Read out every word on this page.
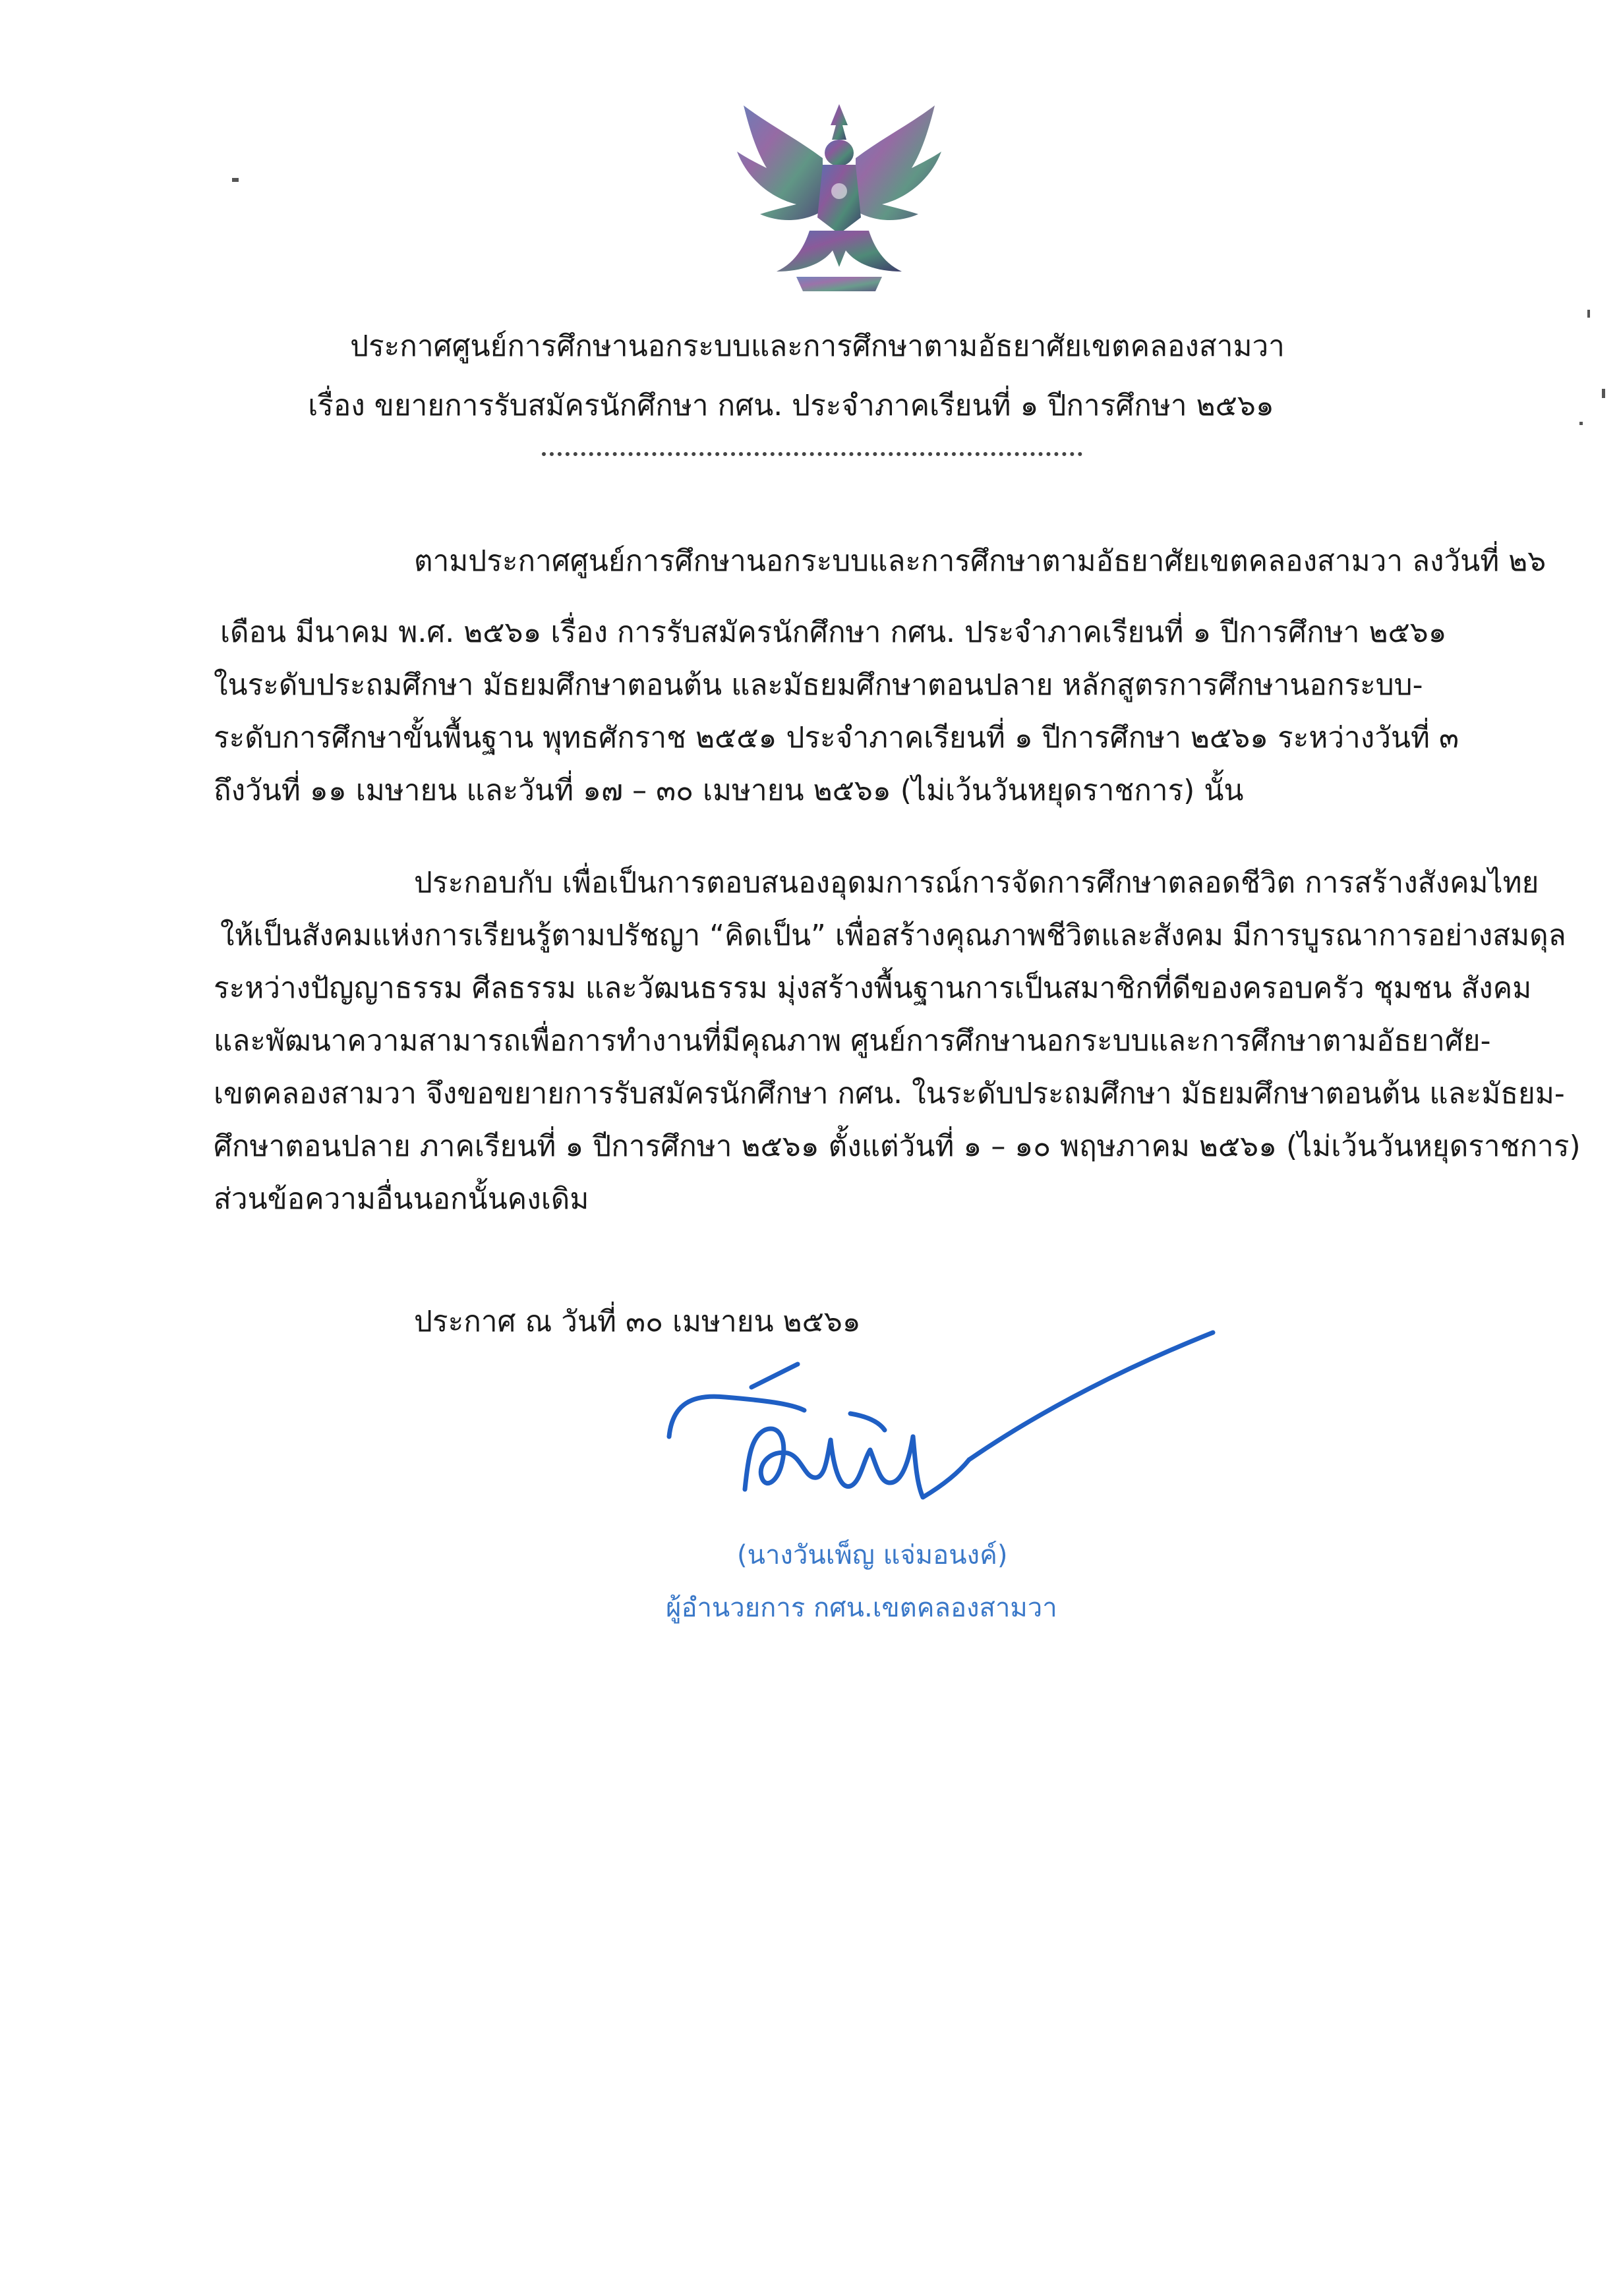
ประกาศศูนย์การศึกษานอกระบบและการศึกษาตามอัธยาศัยเขตคลองสามวา
เรื่อง ขยายการรับสมัครนักศึกษา กศน. ประจำภาคเรียนที่ ๑ ปีการศึกษา ๒๕๖๑
ตามประกาศศูนย์การศึกษานอกระบบและการศึกษาตามอัธยาศัยเขตคลองสามวา ลงวันที่ ๒๖
เดือน มีนาคม พ.ศ. ๒๕๖๑ เรื่อง การรับสมัครนักศึกษา กศน. ประจำภาคเรียนที่ ๑ ปีการศึกษา ๒๕๖๑
ในระดับประถมศึกษา มัธยมศึกษาตอนต้น และมัธยมศึกษาตอนปลาย หลักสูตรการศึกษานอกระบบ-
ระดับการศึกษาขั้นพื้นฐาน พุทธศักราช ๒๕๕๑ ประจำภาคเรียนที่ ๑ ปีการศึกษา ๒๕๖๑ ระหว่างวันที่ ๓
ถึงวันที่ ๑๑ เมษายน และวันที่ ๑๗ – ๓๐ เมษายน ๒๕๖๑ (ไม่เว้นวันหยุดราชการ) นั้น
ประกอบกับ เพื่อเป็นการตอบสนองอุดมการณ์การจัดการศึกษาตลอดชีวิต การสร้างสังคมไทย
ให้เป็นสังคมแห่งการเรียนรู้ตามปรัชญา “คิดเป็น” เพื่อสร้างคุณภาพชีวิตและสังคม มีการบูรณาการอย่างสมดุล
ระหว่างปัญญาธรรม ศีลธรรม และวัฒนธรรม มุ่งสร้างพื้นฐานการเป็นสมาชิกที่ดีของครอบครัว ชุมชน สังคม
และพัฒนาความสามารถเพื่อการทำงานที่มีคุณภาพ ศูนย์การศึกษานอกระบบและการศึกษาตามอัธยาศัย-
เขตคลองสามวา จึงขอขยายการรับสมัครนักศึกษา กศน. ในระดับประถมศึกษา มัธยมศึกษาตอนต้น และมัธยม-
ศึกษาตอนปลาย ภาคเรียนที่ ๑ ปีการศึกษา ๒๕๖๑ ตั้งแต่วันที่ ๑ – ๑๐ พฤษภาคม ๒๕๖๑ (ไม่เว้นวันหยุดราชการ)
ส่วนข้อความอื่นนอกนั้นคงเดิม
ประกาศ ณ วันที่ ๓๐ เมษายน ๒๕๖๑
(นางวันเพ็ญ แจ่มอนงค์)
ผู้อำนวยการ กศน.เขตคลองสามวา
